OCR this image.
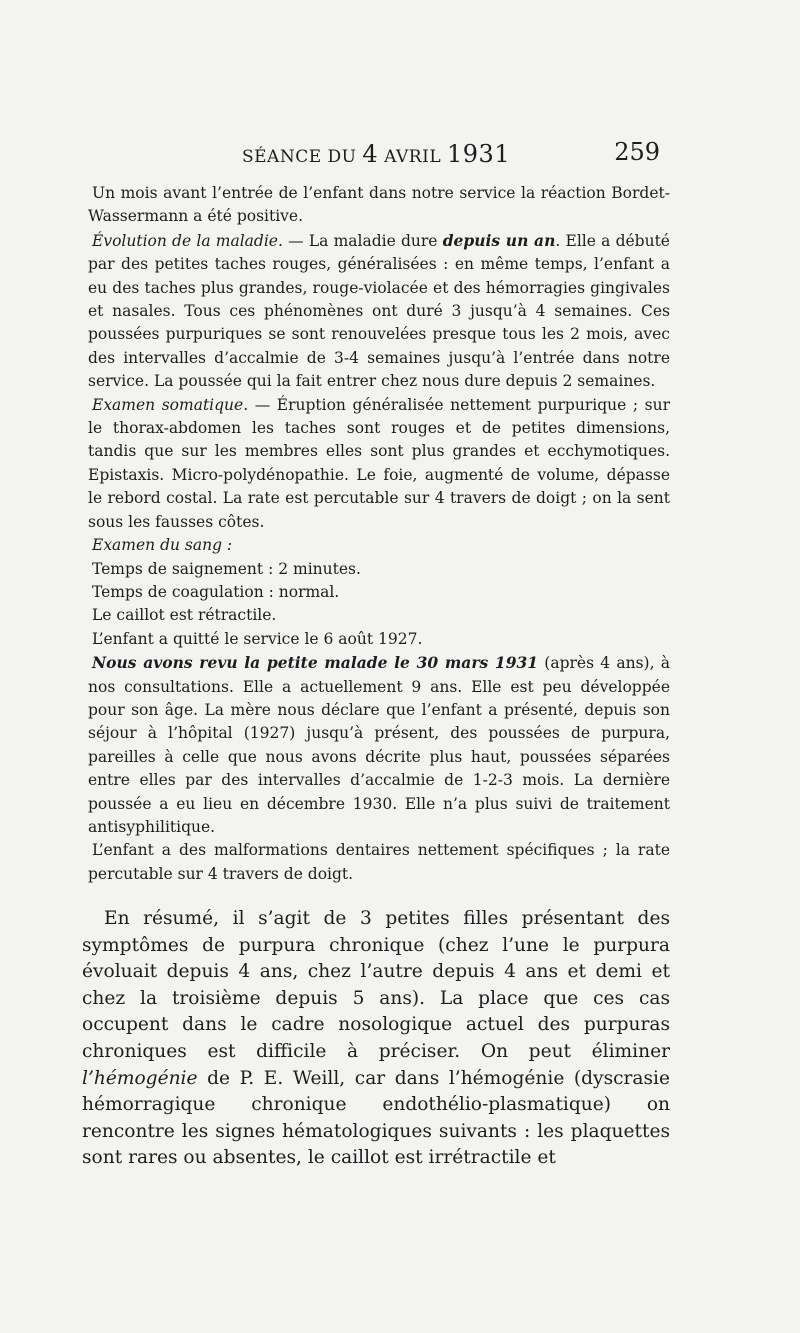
SÉANCE DU 4 AVRIL 1931	259

Un mois avant l’entrée de l’enfant dans notre service la réaction Bordet-Wassermann a été positive.

Évolution de la maladie. — La maladie dure depuis un an. Elle a débuté par des petites taches rouges, généralisées : en même temps, l’enfant a eu des taches plus grandes, rouge-violacée et des hémorragies gingivales et nasales. Tous ces phénomènes ont duré 3 jusqu’à 4 semaines. Ces poussées purpuriques se sont renouvelées presque tous les 2 mois, avec des intervalles d’accalmie de 3-4 semaines jusqu’à l’entrée dans notre service. La poussée qui la fait entrer chez nous dure depuis 2 semaines.

Examen somatique. — Éruption généralisée nettement purpurique ; sur le thorax-abdomen les taches sont rouges et de petites dimensions, tandis que sur les membres elles sont plus grandes et ecchymotiques. Epistaxis. Micro-polydénopathie. Le foie, augmenté de volume, dépasse le rebord costal. La rate est percutable sur 4 travers de doigt ; on la sent sous les fausses côtes.

Examen du sang :

Temps de saignement : 2 minutes.

Temps de coagulation : normal.

Le caillot est rétractile.

L’enfant a quitté le service le 6 août 1927.

Nous avons revu la petite malade le 30 mars 1931 (après 4 ans), à nos consultations. Elle a actuellement 9 ans. Elle est peu développée pour son âge. La mère nous déclare que l’enfant a présenté, depuis son séjour à l’hôpital (1927) jusqu’à présent, des poussées de purpura, pareilles à celle que nous avons décrite plus haut, poussées séparées entre elles par des intervalles d’accalmie de 1-2-3 mois. La dernière poussée a eu lieu en décembre 1930. Elle n’a plus suivi de traitement antisyphilitique.

L’enfant a des malformations dentaires nettement spécifiques ; la rate percutable sur 4 travers de doigt.

En résumé, il s’agit de 3 petites filles présentant des symptômes de purpura chronique (chez l’une le purpura évoluait depuis 4 ans, chez l’autre depuis 4 ans et demi et chez la troisième depuis 5 ans). La place que ces cas occupent dans le cadre nosologique actuel des purpuras chroniques est difficile à préciser. On peut éliminer l’hémogénie de P. E. Weill, car dans l’hémogénie (dyscrasie hémorragique chronique endothélio-plasmatique) on rencontre les signes hématologiques suivants : les plaquettes sont rares ou absentes, le caillot est irrétractile et
